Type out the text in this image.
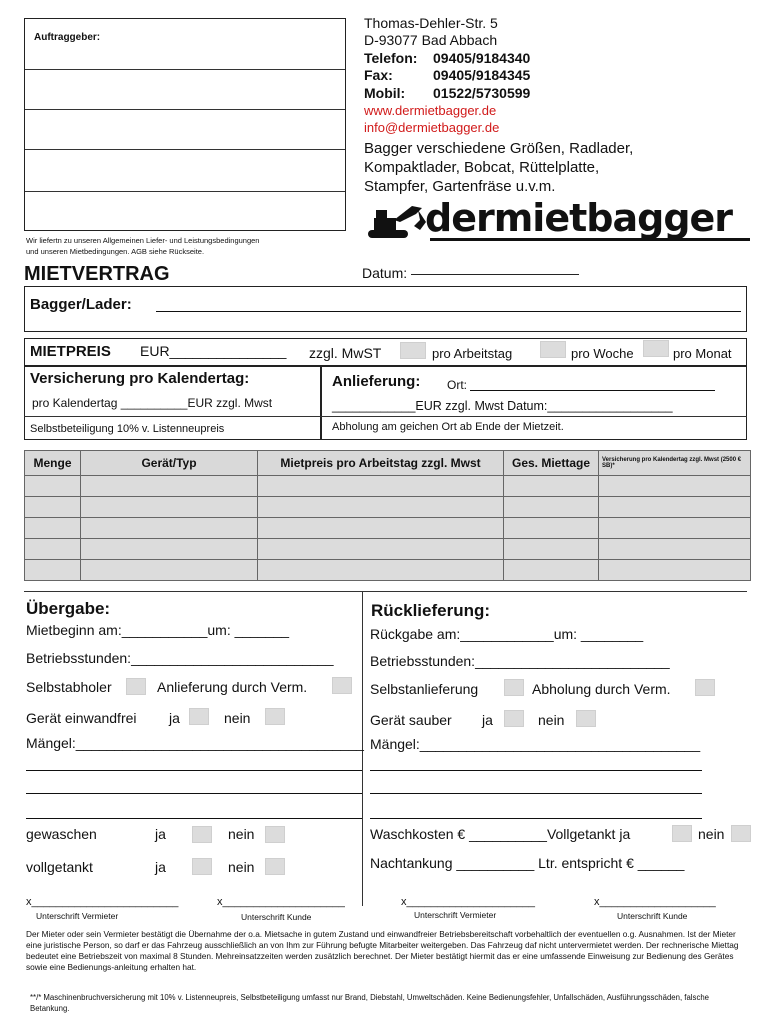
Auftraggeber:
Wir liefertn zu unseren Allgemeinen Liefer- und Leistungsbedingungen
und unseren Mietbedingungen. AGB siehe Rückseite.
Thomas-Dehler-Str. 5
D-93077 Bad Abbach
Telefon: 09405/9184340
Fax:	09405/9184345
Mobil: 01522/5730599
www.dermietbagger.de
info@dermietbagger.de
Bagger verschiedene Größen, Radlader,
Kompaktlader, Bobcat, Rüttelplatte,
Stampfer, Gartenfräse u.v.m.
dermietbagger
MIETVERTRAG	Datum: ————————————
Bagger/Lader:
MIETPREIS EUR_______________ zzgl. MwST	pro Arbeitstag	pro Woche	pro Monat
Versicherung pro Kalendertag:
pro Kalendertag __________EUR zzgl. Mwst
Selbstbeteiligung 10% v. Listenneupreis
Anlieferung: Ort:
____________EUR zzgl. Mwst Datum:__________________
Abholung am geichen Ort ab Ende der Mietzeit.
Menge	Gerät/Typ	Mietpreis pro Arbeitstag zzgl. Mwst	Ges. Miettage	Versicherung pro Kalendertag zzgl. Mwst (2500 € SB)*

Übergabe:
Mietbeginn am:___________um: _______
Betriebsstunden:__________________________
Selbstabholer	Anlieferung durch Verm.
Gerät einwandfrei ja	nein
Mängel:_____________________________________
gewaschen	ja	nein
vollgetankt	ja	nein
Rücklieferung:
Rückgabe am:____________um: ________
Betriebsstunden:_________________________
Selbstanlieferung	Abholung durch Verm.
Gerät sauber ja	nein
Mängel:____________________________________
Waschkosten € __________Vollgetankt ja	nein
Nachtankung __________ Ltr. entspricht € ______
x________________________
Unterschrift Vermieter
x____________________
Unterschrift Kunde
x_____________________
Unterschrift Vermieter
x___________________
Unterschrift Kunde
Der Mieter oder sein Vermieter bestätigt die Übernahme der o.a. Mietsache in gutem Zustand und einwandfreier Betriebsbereitschaft vorbehaltlich der eventuellen o.g. Ausnahmen. Ist der Mieter eine juristische Person, so darf er das Fahrzeug ausschließlich an von Ihm zur Führung befugte Mitarbeiter weitergeben. Das Fahrzeug daf nicht untervermietet werden. Der rechnerische Miettag bedeutet eine Betriebszeit von maximal 8 Stunden. Mehreinsatzzeiten werden zusätzlich berechnet. Der Mieter bestätigt hiermit das er eine umfassende Einweisung zur Bedienung des Gerätes sowie eine Bedienungs-anleitung erhalten hat.
**/* Maschinenbruchversicherung mit 10% v. Listenneupreis, Selbstbeteiligung umfasst nur Brand, Diebstahl, Umweltschäden. Keine Bedienungsfehler, Unfallschäden, Ausführungsschäden, falsche Betankung.
